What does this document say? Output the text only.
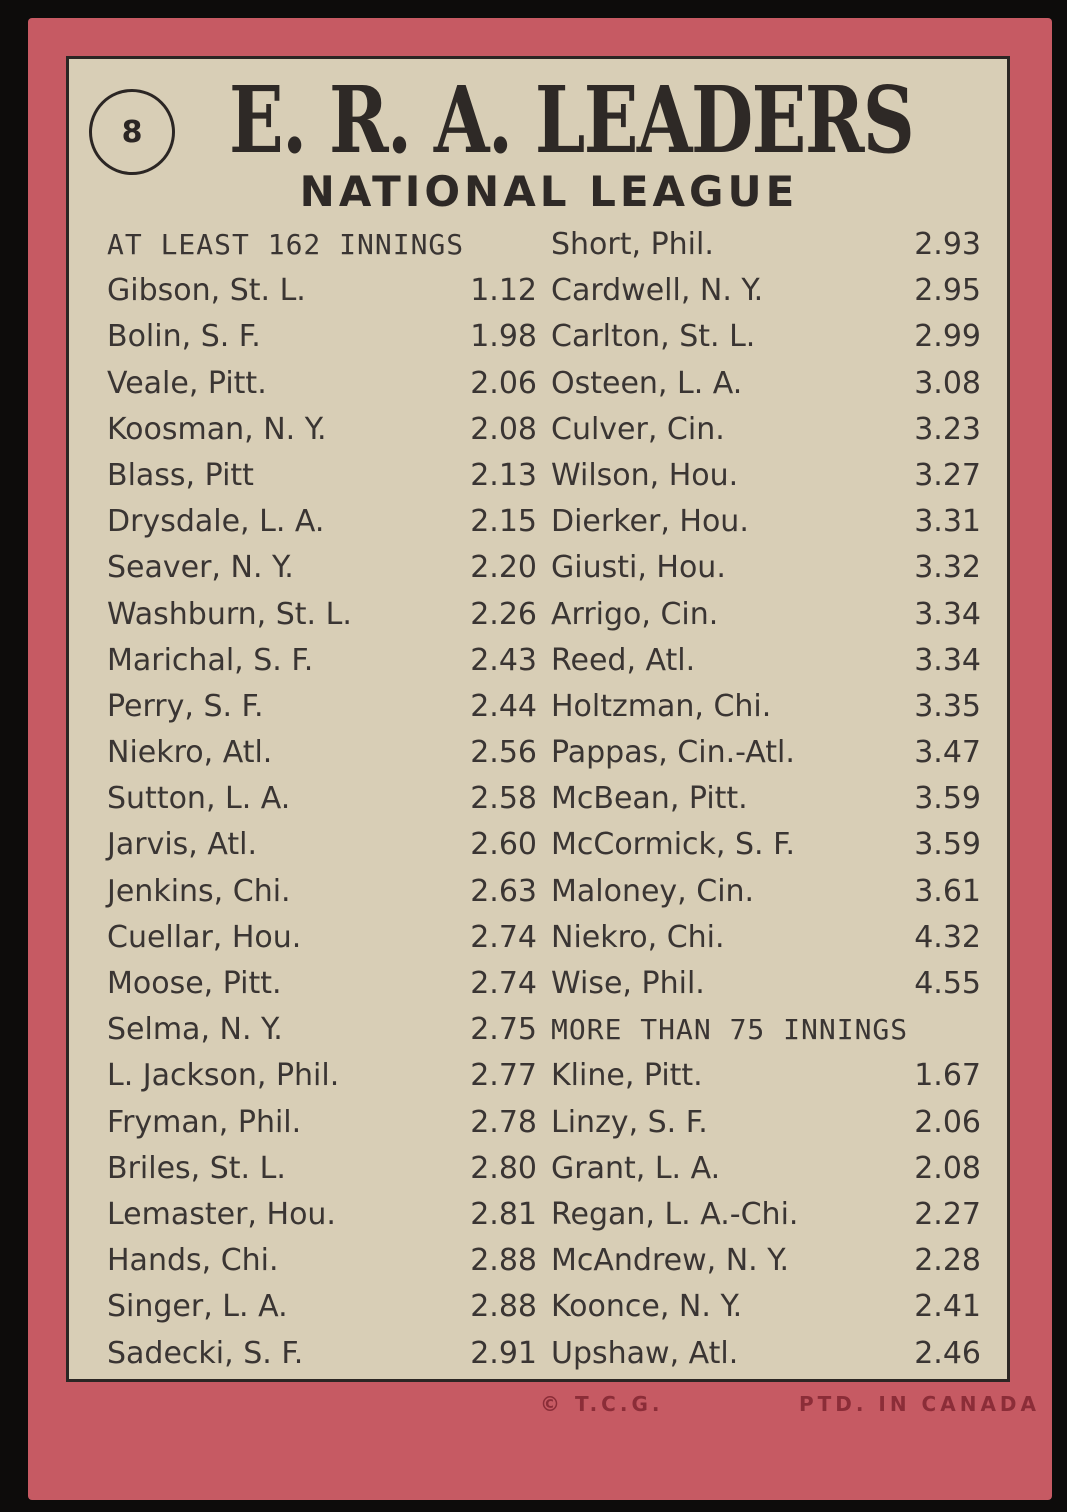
8 E. R. A. LEADERS
NATIONAL LEAGUE
AT LEAST 162 INNINGS
Gibson, St. L.	1.12
Bolin, S. F.	1.98
Veale, Pitt.	2.06
Koosman, N. Y.	2.08
Blass, Pitt	2.13
Drysdale, L. A.	2.15
Seaver, N. Y.	2.20
Washburn, St. L.	2.26
Marichal, S. F.	2.43
Perry, S. F.	2.44
Niekro, Atl.	2.56
Sutton, L. A.	2.58
Jarvis, Atl.	2.60
Jenkins, Chi.	2.63
Cuellar, Hou.	2.74
Moose, Pitt.	2.74
Selma, N. Y.	2.75
L. Jackson, Phil.	2.77
Fryman, Phil.	2.78
Briles, St. L.	2.80
Lemaster, Hou.	2.81
Hands, Chi.	2.88
Singer, L. A.	2.88
Sadecki, S. F.	2.91
Short, Phil.	2.93
Cardwell, N. Y.	2.95
Carlton, St. L.	2.99
Osteen, L. A.	3.08
Culver, Cin.	3.23
Wilson, Hou.	3.27
Dierker, Hou.	3.31
Giusti, Hou.	3.32
Arrigo, Cin.	3.34
Reed, Atl.	3.34
Holtzman, Chi.	3.35
Pappas, Cin.-Atl.	3.47
McBean, Pitt.	3.59
McCormick, S. F.	3.59
Maloney, Cin.	3.61
Niekro, Chi.	4.32
Wise, Phil.	4.55
MORE THAN 75 INNINGS
Kline, Pitt.	1.67
Linzy, S. F.	2.06
Grant, L. A.	2.08
Regan, L. A.-Chi.	2.27
McAndrew, N. Y.	2.28
Koonce, N. Y.	2.41
Upshaw, Atl.	2.46
© T.C.G.	PTD. IN CANADA
